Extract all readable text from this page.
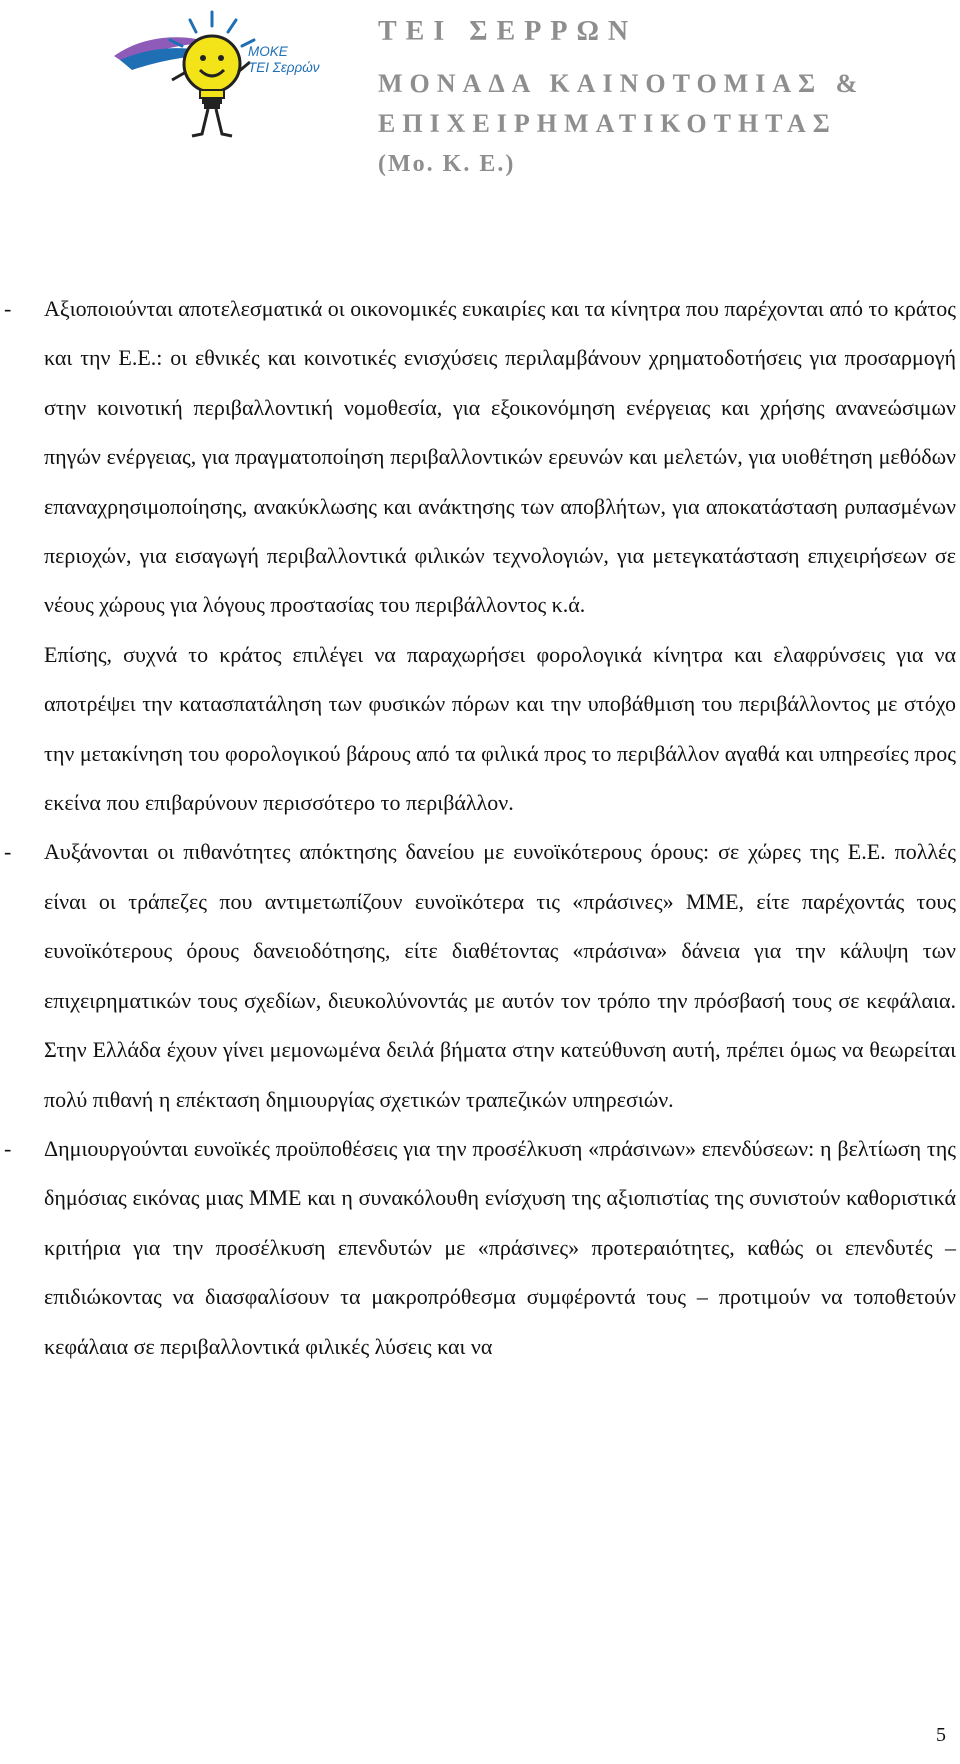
ΜΟΚΕ
ΤΕΙ Σερρών
ΤΕΙ ΣΕΡΡΩΝ
ΜΟΝΑΔΑ ΚΑΙΝΟΤΟΜΙΑΣ &
ΕΠΙΧΕΙΡΗΜΑΤΙΚΟΤΗΤΑΣ
(Μο. Κ. Ε.)
- Αξιοποιούνται αποτελεσματικά οι οικονομικές ευκαιρίες και τα κίνητρα που παρέχονται από το κράτος και την Ε.Ε.: οι εθνικές και κοινοτικές ενισχύσεις περιλαμβάνουν χρηματοδοτήσεις για προσαρμογή στην κοινοτική περιβαλλοντική νομοθεσία, για εξοικονόμηση ενέργειας και χρήσης ανανεώσιμων πηγών ενέργειας, για πραγματοποίηση περιβαλλοντικών ερευνών και μελετών, για υιοθέτηση μεθόδων επαναχρησιμοποίησης, ανακύκλωσης και ανάκτησης των αποβλήτων, για αποκατάσταση ρυπασμένων περιοχών, για εισαγωγή περιβαλλοντικά φιλικών τεχνολογιών, για μετεγκατάσταση επιχειρήσεων σε νέους χώρους για λόγους προστασίας του περιβάλλοντος κ.ά.

Επίσης, συχνά το κράτος επιλέγει να παραχωρήσει φορολογικά κίνητρα και ελαφρύνσεις για να αποτρέψει την κατασπατάληση των φυσικών πόρων και την υποβάθμιση του περιβάλλοντος με στόχο την μετακίνηση του φορολογικού βάρους από τα φιλικά προς το περιβάλλον αγαθά και υπηρεσίες προς εκείνα που επιβαρύνουν περισσότερο το περιβάλλον.

- Αυξάνονται οι πιθανότητες απόκτησης δανείου με ευνοϊκότερους όρους: σε χώρες της Ε.Ε. πολλές είναι οι τράπεζες που αντιμετωπίζουν ευνοϊκότερα τις «πράσινες» ΜΜΕ, είτε παρέχοντάς τους ευνοϊκότερους όρους δανειοδότησης, είτε διαθέτοντας «πράσινα» δάνεια για την κάλυψη των επιχειρηματικών τους σχεδίων, διευκολύνοντάς με αυτόν τον τρόπο την πρόσβασή τους σε κεφάλαια. Στην Ελλάδα έχουν γίνει μεμονωμένα δειλά βήματα στην κατεύθυνση αυτή, πρέπει όμως να θεωρείται πολύ πιθανή η επέκταση δημιουργίας σχετικών τραπεζικών υπηρεσιών.

- Δημιουργούνται ευνοϊκές προϋποθέσεις για την προσέλκυση «πράσινων» επενδύσεων: η βελτίωση της δημόσιας εικόνας μιας ΜΜΕ και η συνακόλουθη ενίσχυση της αξιοπιστίας της συνιστούν καθοριστικά κριτήρια για την προσέλκυση επενδυτών με «πράσινες» προτεραιότητες, καθώς οι επενδυτές – επιδιώκοντας να διασφαλίσουν τα μακροπρόθεσμα συμφέροντά τους – προτιμούν να τοποθετούν κεφάλαια σε περιβαλλοντικά φιλικές λύσεις και να

5
